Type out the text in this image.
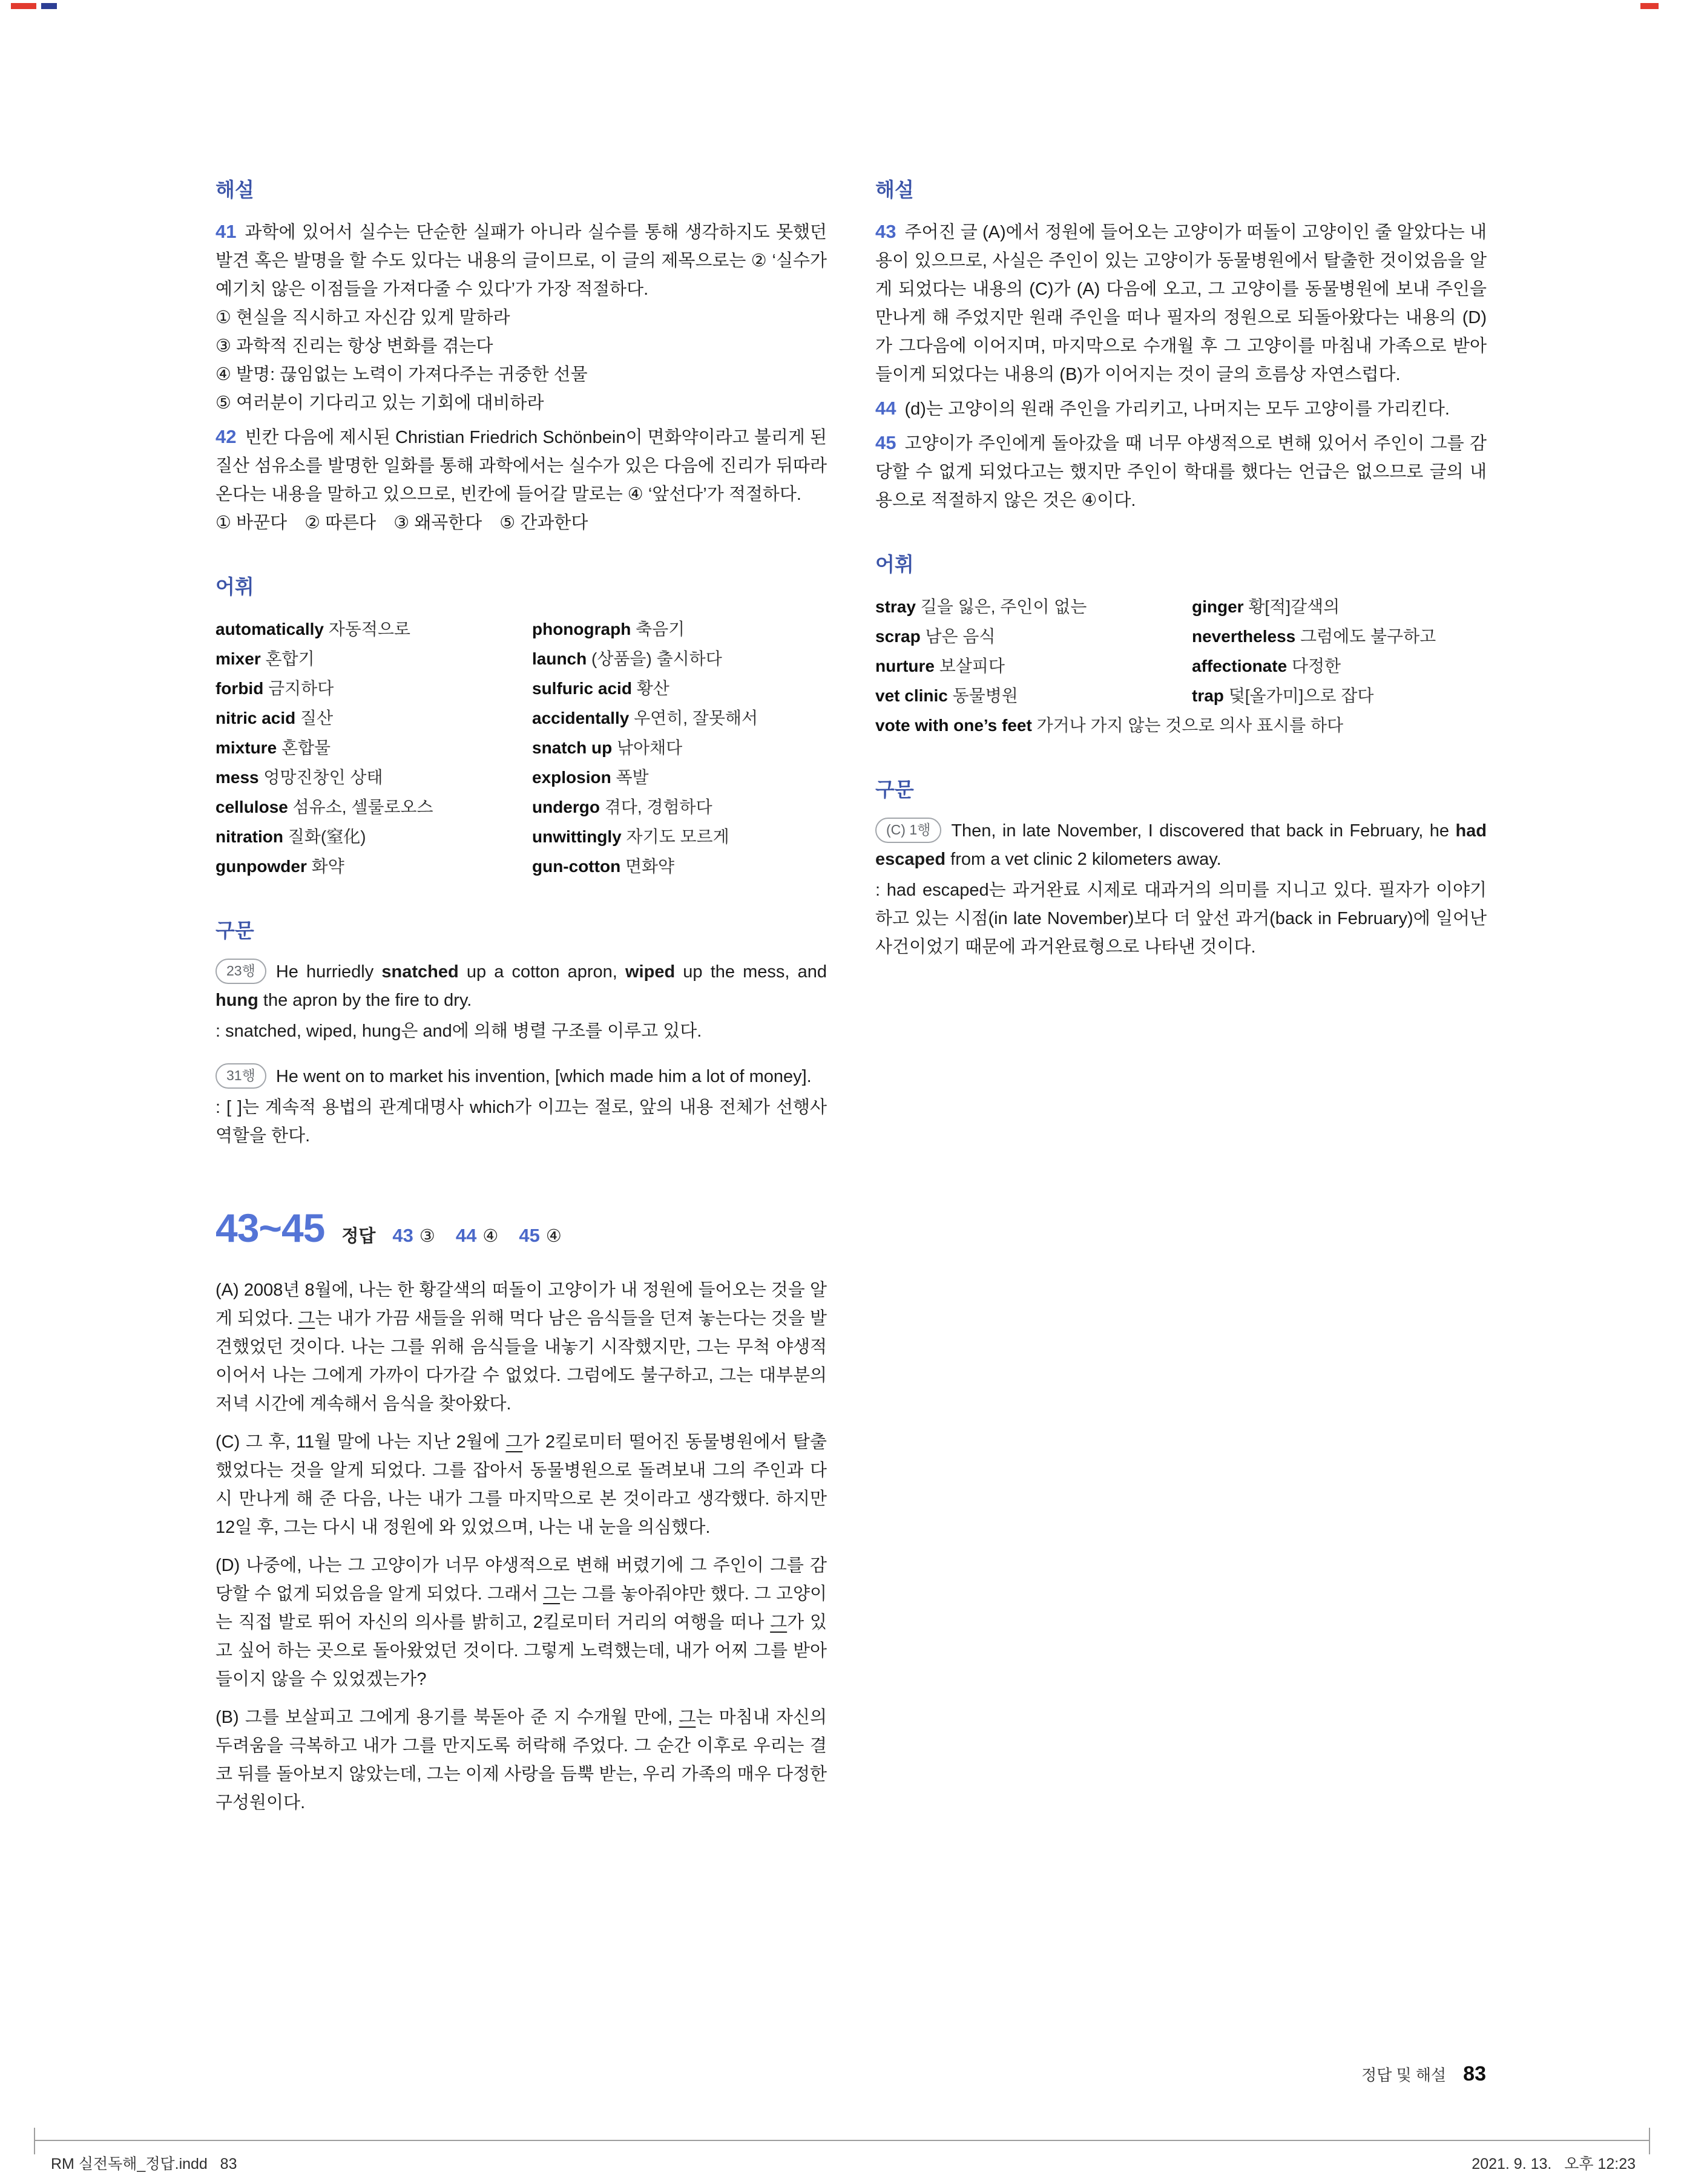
해설

41 과학에 있어서 실수는 단순한 실패가 아니라 실수를 통해 생각하지도 못했던 발견 혹은 발명을 할 수도 있다는 내용의 글이므로, 이 글의 제목으로는 ② ‘실수가 예기치 않은 이점들을 가져다줄 수 있다’가 가장 적절하다.

① 현실을 직시하고 자신감 있게 말하라
③ 과학적 진리는 항상 변화를 겪는다
④ 발명: 끊임없는 노력이 가져다주는 귀중한 선물
⑤ 여러분이 기다리고 있는 기회에 대비하라

42 빈칸 다음에 제시된 Christian Friedrich Schönbein이 면화약이라고 불리게 된 질산 섬유소를 발명한 일화를 통해 과학에서는 실수가 있은 다음에 진리가 뒤따라온다는 내용을 말하고 있으므로, 빈칸에 들어갈 말로는 ④ ‘앞선다’가 적절하다.

① 바꾼다　② 따른다　③ 왜곡한다　⑤ 간과한다
어휘
automatically 자동적으로	phonograph 축음기
mixer 혼합기	launch (상품을) 출시하다
forbid 금지하다	sulfuric acid 황산
nitric acid 질산	accidentally 우연히, 잘못해서
mixture 혼합물	snatch up 낚아채다
mess 엉망진창인 상태	explosion 폭발
cellulose 섬유소, 셀룰로오스	undergo 겪다, 경험하다
nitration 질화(窒化)	unwittingly 자기도 모르게
gunpowder 화약	gun-cotton 면화약
구문

23행 He hurriedly snatched up a cotton apron, wiped up the mess, and hung the apron by the fire to dry.

: snatched, wiped, hung은 and에 의해 병렬 구조를 이루고 있다.

31행 He went on to market his invention, [which made him a lot of money].

: [ ]는 계속적 용법의 관계대명사 which가 이끄는 절로, 앞의 내용 전체가 선행사 역할을 한다.

43~45 정답 43 ③ 44 ④ 45 ④

(A) 2008년 8월에, 나는 한 황갈색의 떠돌이 고양이가 내 정원에 들어오는 것을 알게 되었다. 그는 내가 가끔 새들을 위해 먹다 남은 음식들을 던져 놓는다는 것을 발견했었던 것이다. 나는 그를 위해 음식들을 내놓기 시작했지만, 그는 무척 야생적이어서 나는 그에게 가까이 다가갈 수 없었다. 그럼에도 불구하고, 그는 대부분의 저녁 시간에 계속해서 음식을 찾아왔다.

(C) 그 후, 11월 말에 나는 지난 2월에 그가 2킬로미터 떨어진 동물병원에서 탈출했었다는 것을 알게 되었다. 그를 잡아서 동물병원으로 돌려보내 그의 주인과 다시 만나게 해 준 다음, 나는 내가 그를 마지막으로 본 것이라고 생각했다. 하지만 12일 후, 그는 다시 내 정원에 와 있었으며, 나는 내 눈을 의심했다.

(D) 나중에, 나는 그 고양이가 너무 야생적으로 변해 버렸기에 그 주인이 그를 감당할 수 없게 되었음을 알게 되었다. 그래서 그는 그를 놓아줘야만 했다. 그 고양이는 직접 발로 뛰어 자신의 의사를 밝히고, 2킬로미터 거리의 여행을 떠나 그가 있고 싶어 하는 곳으로 돌아왔었던 것이다. 그렇게 노력했는데, 내가 어찌 그를 받아들이지 않을 수 있었겠는가?

(B) 그를 보살피고 그에게 용기를 북돋아 준 지 수개월 만에, 그는 마침내 자신의 두려움을 극복하고 내가 그를 만지도록 허락해 주었다. 그 순간 이후로 우리는 결코 뒤를 돌아보지 않았는데, 그는 이제 사랑을 듬뿍 받는, 우리 가족의 매우 다정한 구성원이다.

해설

43 주어진 글 (A)에서 정원에 들어오는 고양이가 떠돌이 고양이인 줄 알았다는 내용이 있으므로, 사실은 주인이 있는 고양이가 동물병원에서 탈출한 것이었음을 알게 되었다는 내용의 (C)가 (A) 다음에 오고, 그 고양이를 동물병원에 보내 주인을 만나게 해 주었지만 원래 주인을 떠나 필자의 정원으로 되돌아왔다는 내용의 (D)가 그다음에 이어지며, 마지막으로 수개월 후 그 고양이를 마침내 가족으로 받아들이게 되었다는 내용의 (B)가 이어지는 것이 글의 흐름상 자연스럽다.

44 (d)는 고양이의 원래 주인을 가리키고, 나머지는 모두 고양이를 가리킨다.

45 고양이가 주인에게 돌아갔을 때 너무 야생적으로 변해 있어서 주인이 그를 감당할 수 없게 되었다고는 했지만 주인이 학대를 했다는 언급은 없으므로 글의 내용으로 적절하지 않은 것은 ④이다.

어휘
stray 길을 잃은, 주인이 없는	ginger 황[적]갈색의
scrap 남은 음식	nevertheless 그럼에도 불구하고
nurture 보살피다	affectionate 다정한
vet clinic 동물병원	trap 덫[올가미]으로 잡다
vote with one’s feet 가거나 가지 않는 것으로 의사 표시를 하다
구문

(C) 1행 Then, in late November, I discovered that back in February, he had escaped from a vet clinic 2 kilometers away.

: had escaped는 과거완료 시제로 대과거의 의미를 지니고 있다. 필자가 이야기하고 있는 시점(in late November)보다 더 앞선 과거(back in February)에 일어난 사건이었기 때문에 과거완료형으로 나타낸 것이다.

정답 및 해설 83
RM 실전독해_정답.indd   83	2021. 9. 13.   오후 12:23
